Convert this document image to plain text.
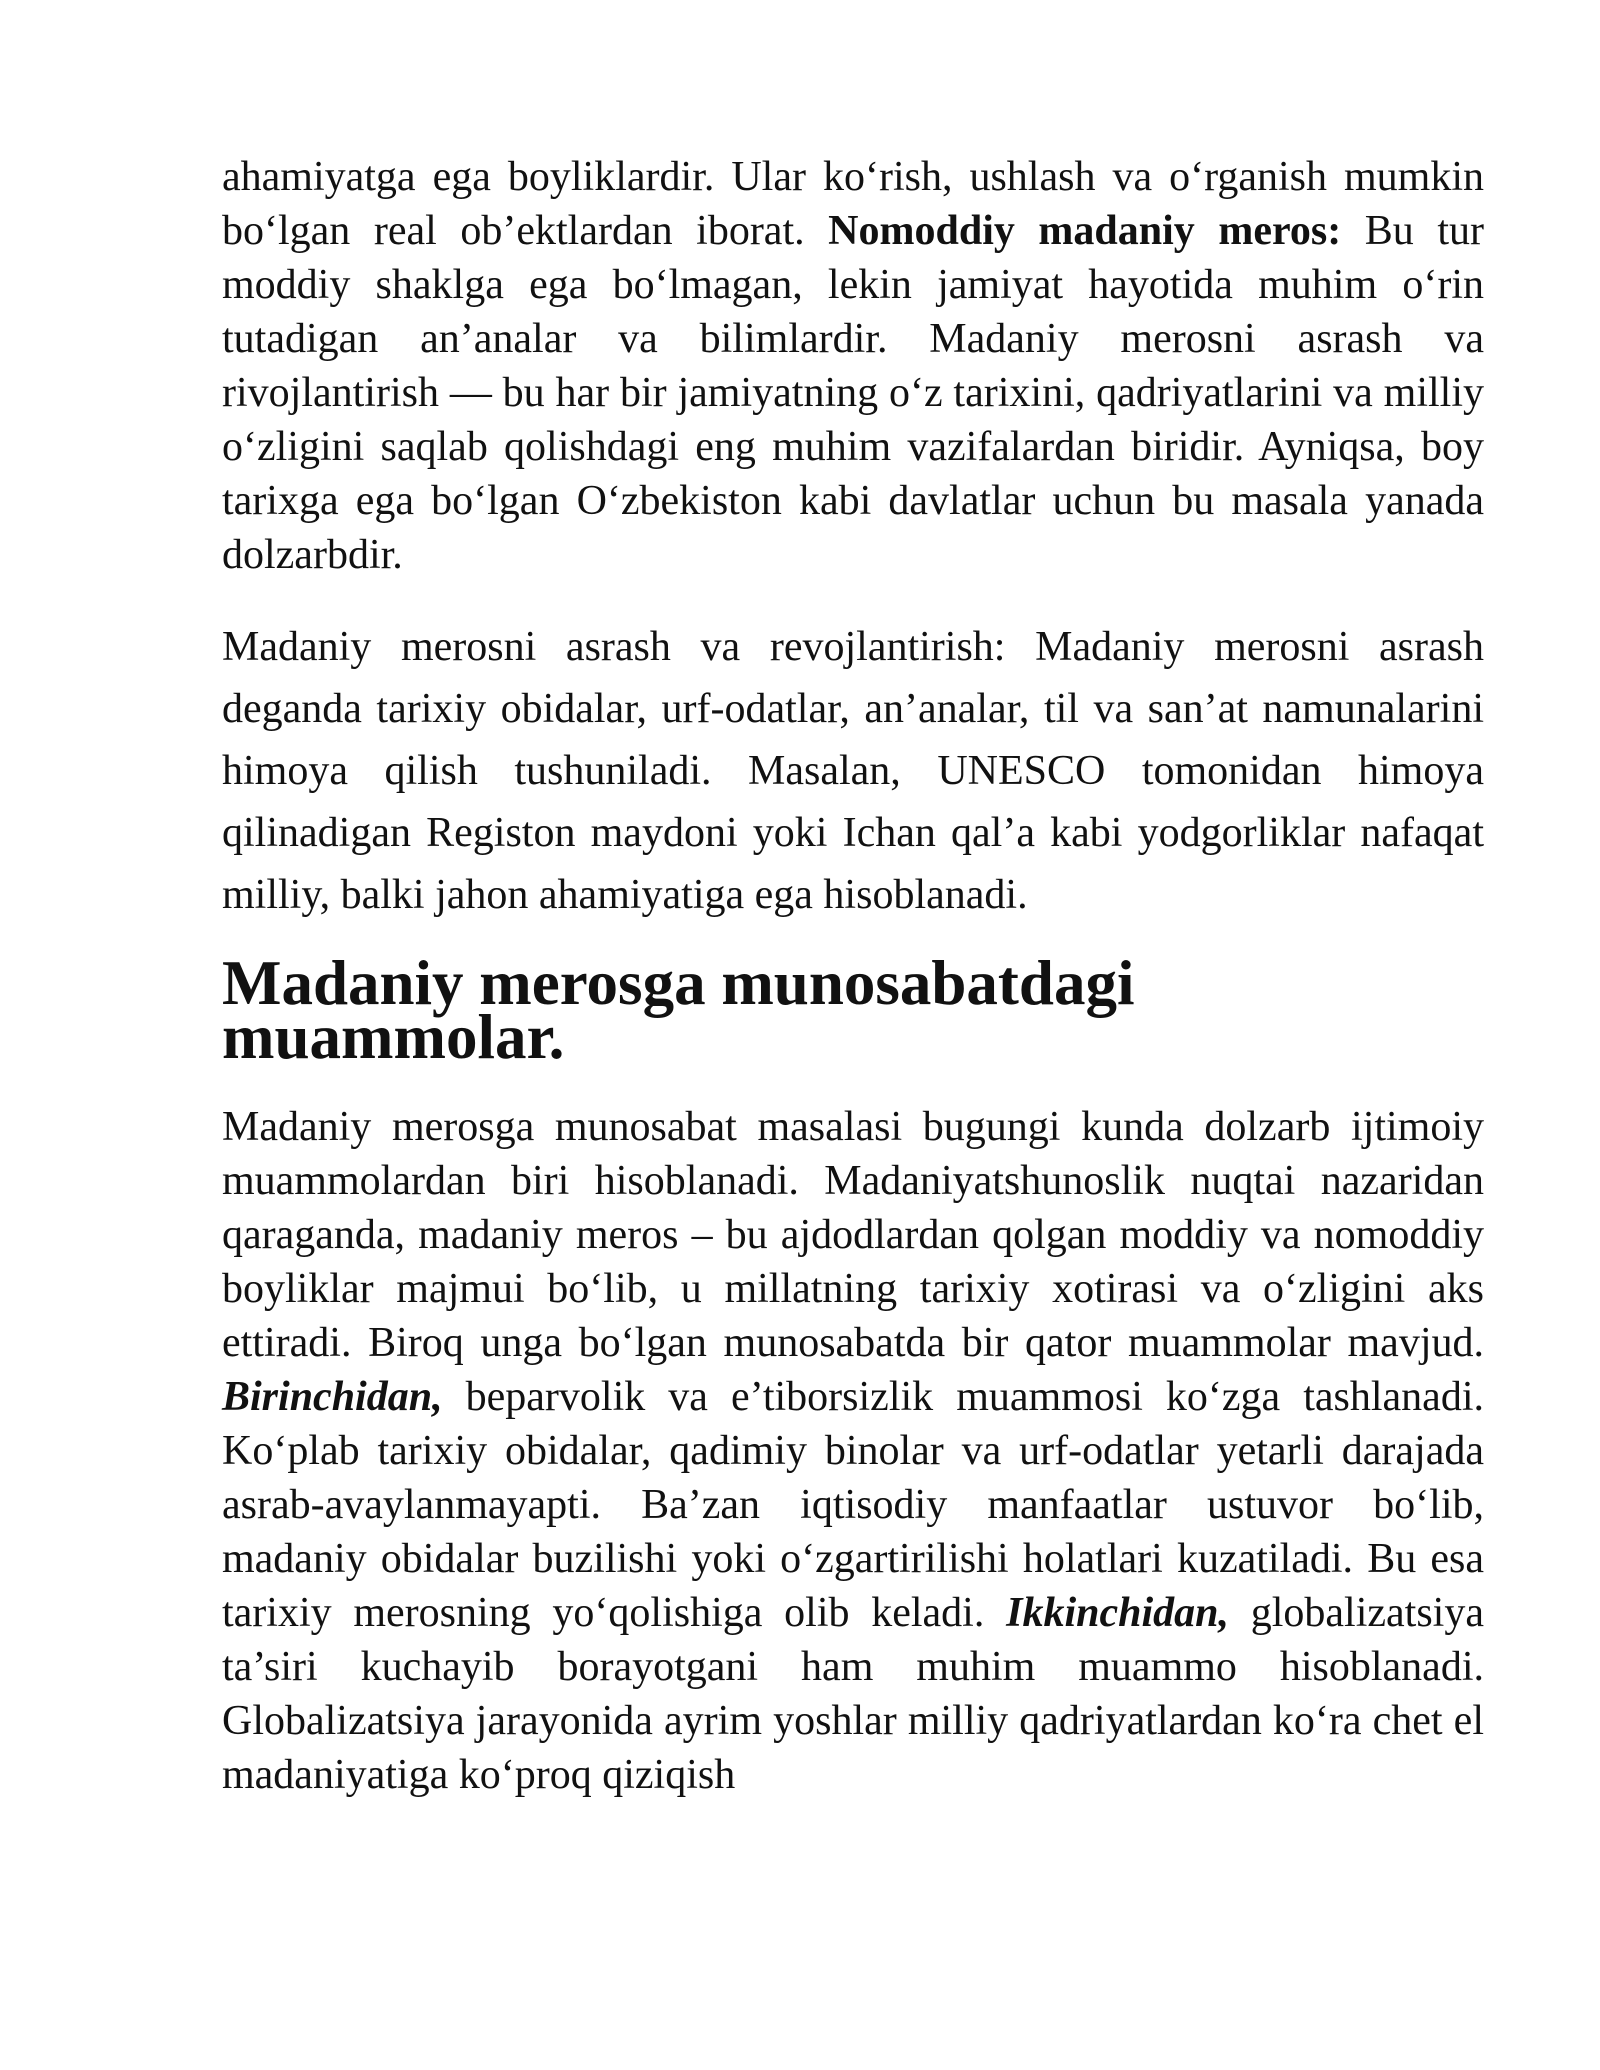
ahamiyatga ega boyliklardir. Ular ko‘rish, ushlash va o‘rganish mumkin bo‘lgan real ob’ektlardan iborat. Nomoddiy madaniy meros: Bu tur moddiy shaklga ega bo‘lmagan, lekin jamiyat hayotida muhim o‘rin tutadigan an’analar va bilimlardir. Madaniy merosni asrash va rivojlantirish — bu har bir jamiyatning o‘z tarixini, qadriyatlarini va milliy o‘zligini saqlab qolishdagi eng muhim vazifalardan biridir. Ayniqsa, boy tarixga ega bo‘lgan O‘zbekiston kabi davlatlar uchun bu masala yanada dolzarbdir.

Madaniy merosni asrash va revojlantirish: Madaniy merosni asrash deganda tarixiy obidalar, urf-odatlar, an’analar, til va san’at namunalarini himoya qilish tushuniladi. Masalan, UNESCO tomonidan himoya qilinadigan Registon maydoni yoki Ichan qal’a kabi yodgorliklar nafaqat milliy, balki jahon ahamiyatiga ega hisoblanadi.

Madaniy merosga munosabatdagi muammolar.

Madaniy merosga munosabat masalasi bugungi kunda dolzarb ijtimoiy muammolardan biri hisoblanadi. Madaniyatshunoslik nuqtai nazaridan qaraganda, madaniy meros – bu ajdodlardan qolgan moddiy va nomoddiy boyliklar majmui bo‘lib, u millatning tarixiy xotirasi va o‘zligini aks ettiradi. Biroq unga bo‘lgan munosabatda bir qator muammolar mavjud. Birinchidan, beparvolik va e’tiborsizlik muammosi ko‘zga tashlanadi. Ko‘plab tarixiy obidalar, qadimiy binolar va urf-odatlar yetarli darajada asrab-avaylanmayapti. Ba’zan iqtisodiy manfaatlar ustuvor bo‘lib, madaniy obidalar buzilishi yoki o‘zgartirilishi holatlari kuzatiladi. Bu esa tarixiy merosning yo‘qolishiga olib keladi. Ikkinchidan, globalizatsiya ta’siri kuchayib borayotgani ham muhim muammo hisoblanadi. Globalizatsiya jarayonida ayrim yoshlar milliy qadriyatlardan ko‘ra chet el madaniyatiga ko‘proq qiziqish
